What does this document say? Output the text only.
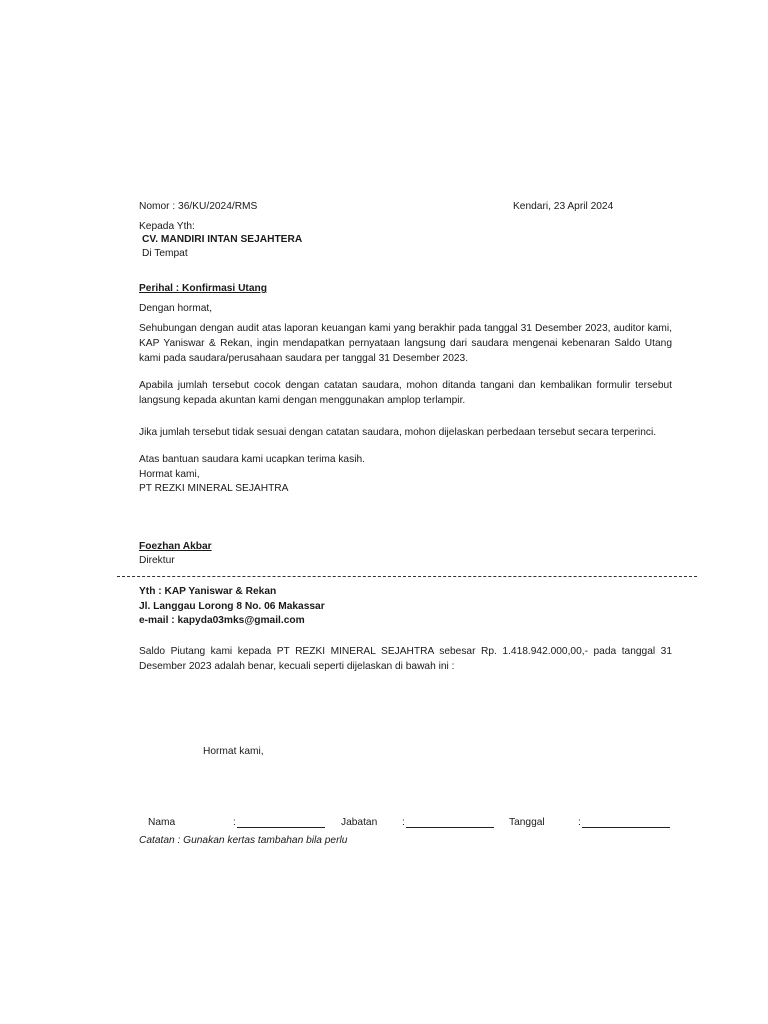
Nomor : 36/KU/2024/RMS	Kendari, 23 April 2024

Kepada Yth:

CV. MANDIRI INTAN SEJAHTERA

Di Tempat

Perihal : Konfirmasi Utang

Dengan hormat,

Sehubungan dengan audit atas laporan keuangan kami yang berakhir pada tanggal 31 Desember 2023, auditor kami, KAP Yaniswar & Rekan, ingin mendapatkan pernyataan langsung dari saudara mengenai kebenaran Saldo Utang kami pada saudara/perusahaan saudara per tanggal 31 Desember 2023.

Apabila jumlah tersebut cocok dengan catatan saudara, mohon ditanda tangani dan kembalikan formulir tersebut langsung kepada akuntan kami dengan menggunakan amplop terlampir.

Jika jumlah tersebut tidak sesuai dengan catatan saudara, mohon dijelaskan perbedaan tersebut secara terperinci.

Atas bantuan saudara kami ucapkan terima kasih.

Hormat kami,

PT REZKI MINERAL SEJAHTRA

Foezhan Akbar

Direktur

Yth : KAP Yaniswar & Rekan

Jl. Langgau Lorong 8 No. 06 Makassar

e-mail : kapyda03mks@gmail.com

Saldo Piutang kami kepada PT REZKI MINERAL SEJAHTRA sebesar Rp. 1.418.942.000,00,- pada tanggal 31 Desember 2023 adalah benar, kecuali seperti dijelaskan di bawah ini :

Hormat kami,

Nama	:	Jabatan :	Tanggal	:

Catatan : Gunakan kertas tambahan bila perlu
